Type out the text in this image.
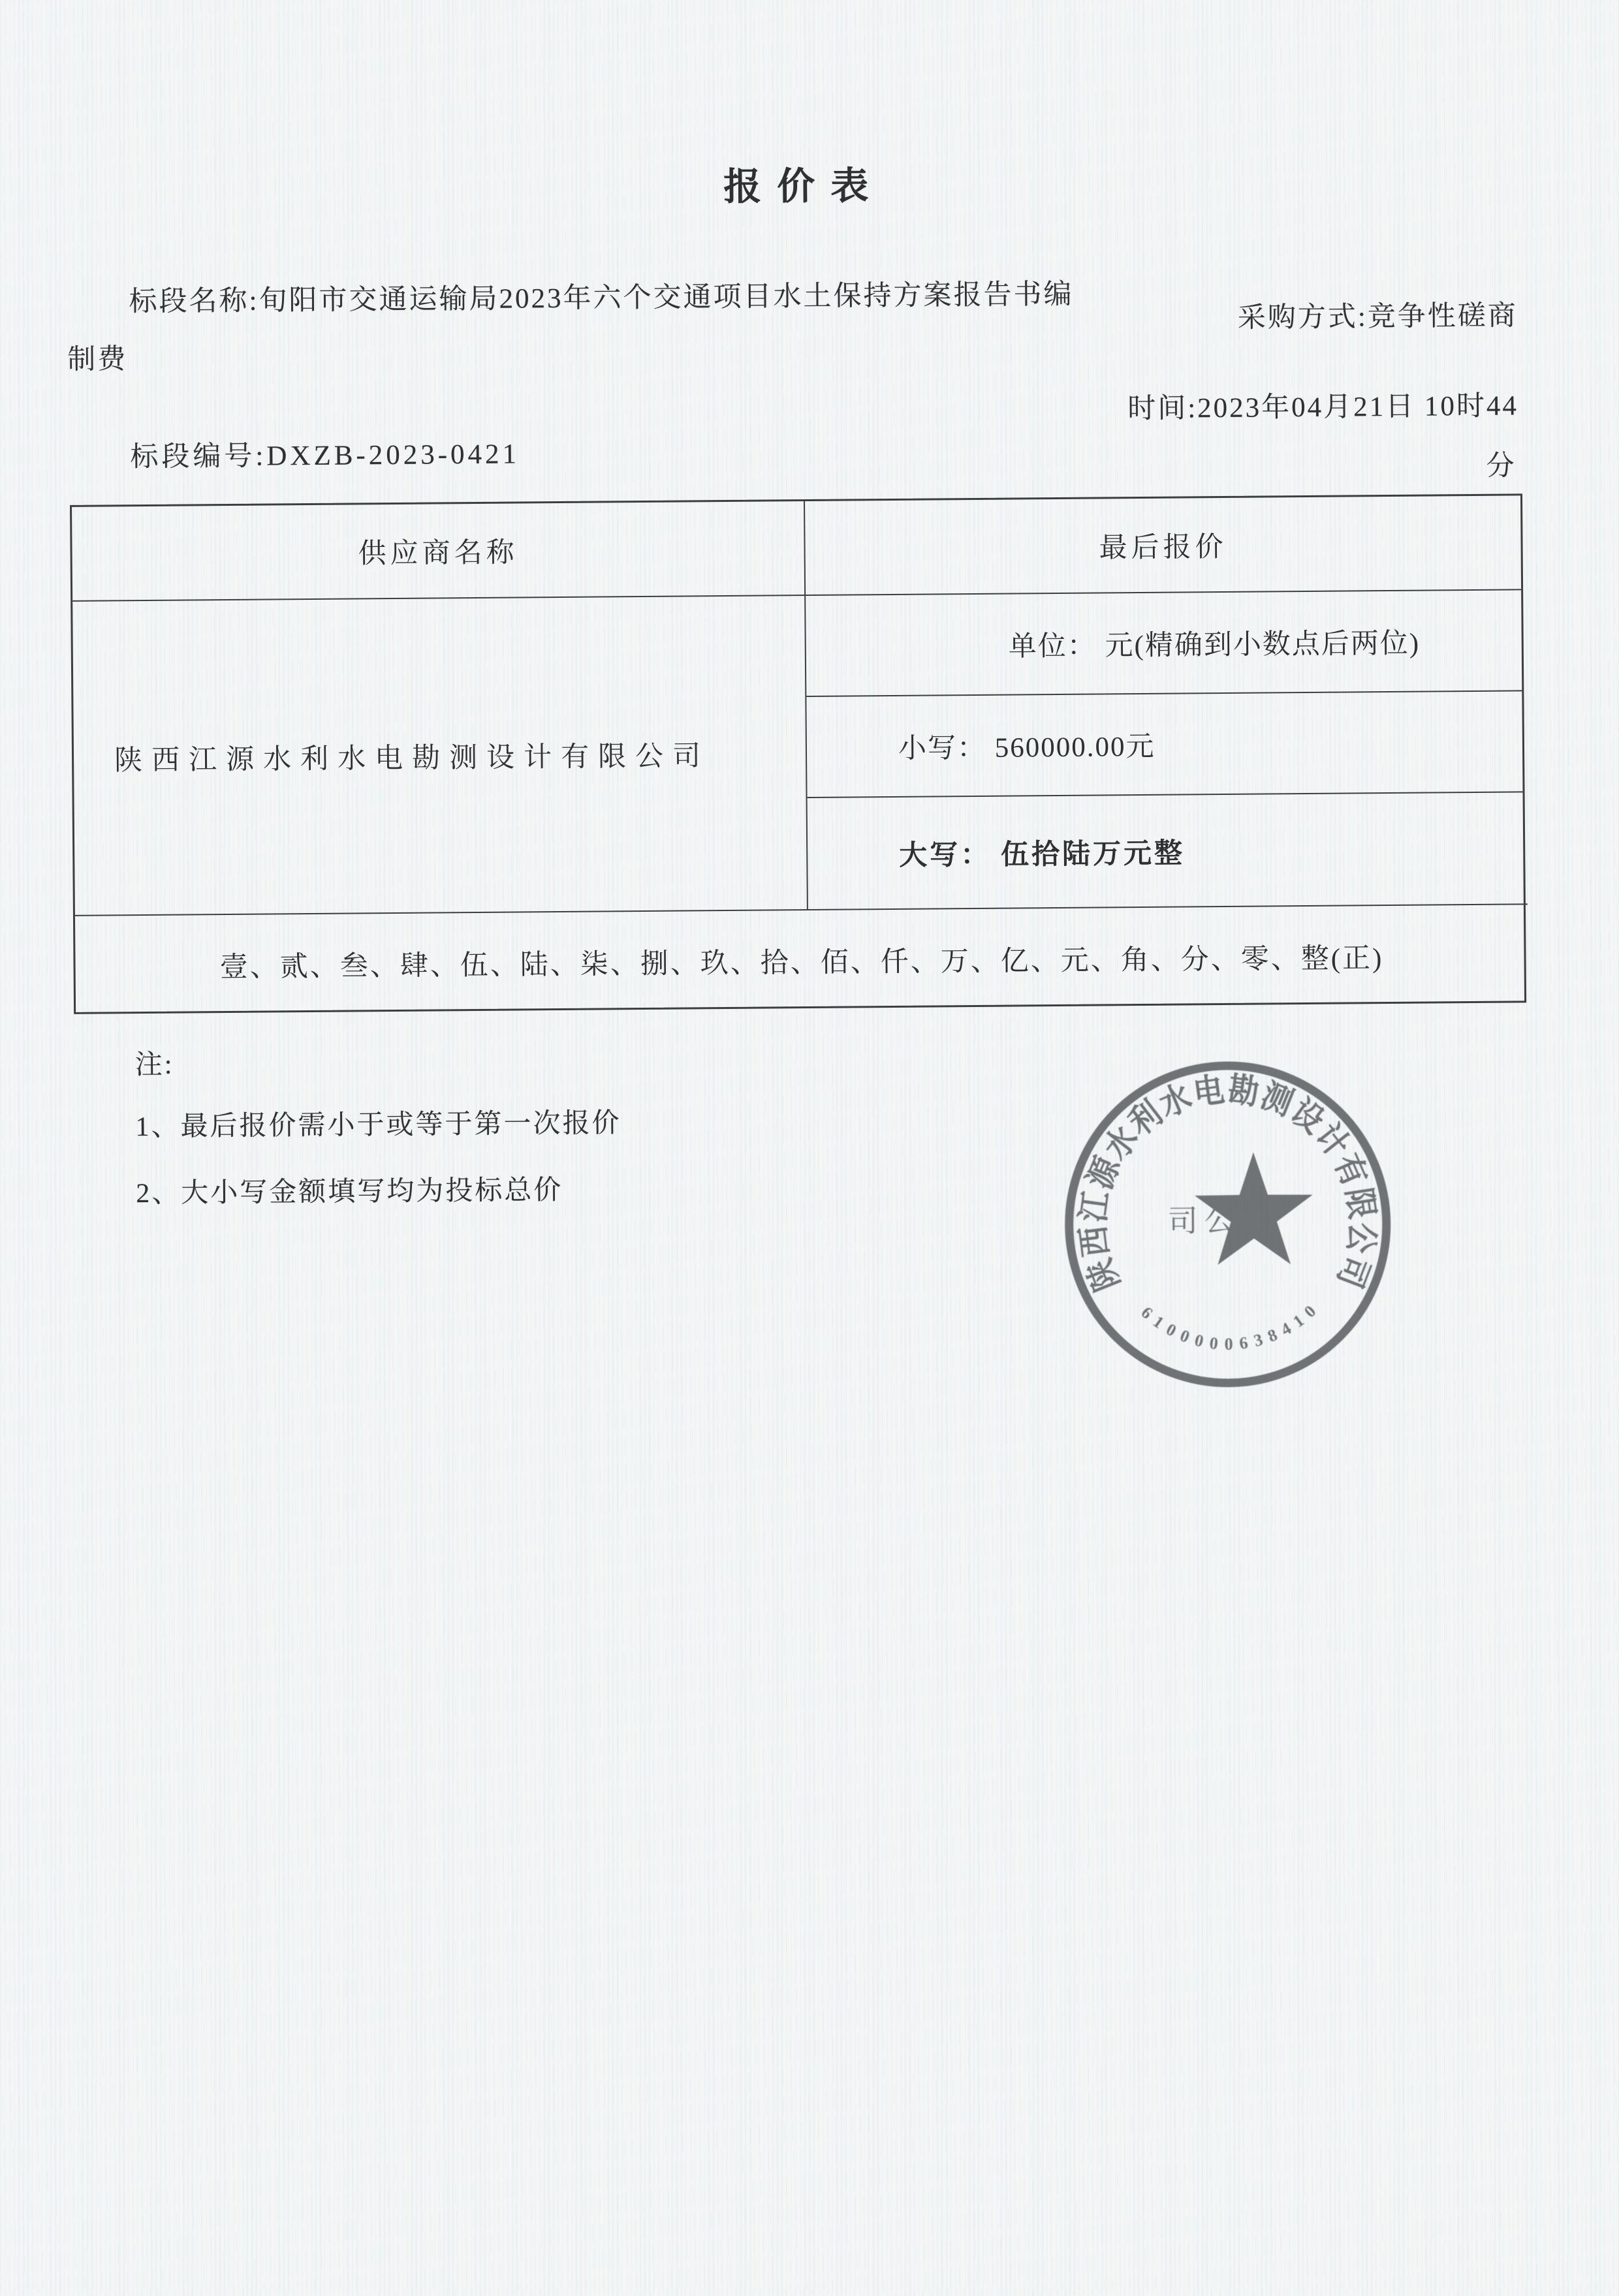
报价表
标段名称:旬阳市交通运输局2023年六个交通项目水土保持方案报告书编
制费
采购方式:竞争性磋商
时间:2023年04月21日 10时44
分
标段编号:DXZB-2023-0421
供应商名称	最后报价
陕西江源水利水电勘测设计有限公司
单位： 元(精确到小数点后两位)
小写： 560000.00元
大写： 伍拾陆万元整
壹、贰、叁、肆、伍、陆、柒、捌、玖、拾、佰、仟、万、亿、元、角、分、零、整(正)
注:
1、最后报价需小于或等于第一次报价
2、大小写金额填写均为投标总价
陕西江源水利水电勘测设计有限公司
司公
6100000638410
